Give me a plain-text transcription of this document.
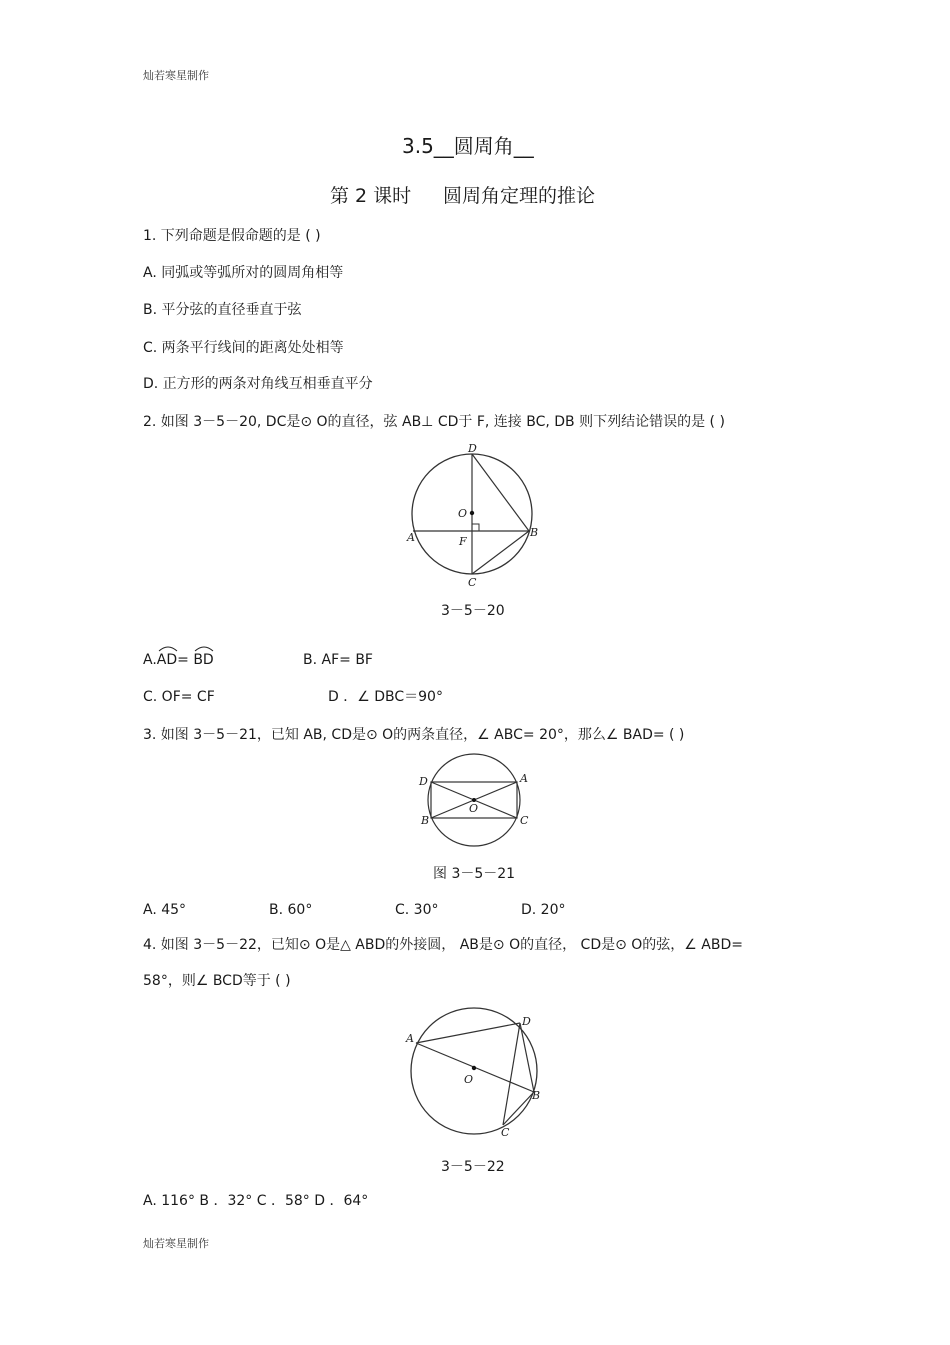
灿若寒星制作
3.5__圆周角__
第 2 课时 圆周角定理的推论
1. 下列命题是假命题的是 ( )
A. 同弧或等弧所对的圆周角相等
B. 平分弦的直径垂直于弦
C. 两条平行线间的距离处处相等
D. 正方形的两条对角线互相垂直平分
2. 如图 3－5－20, DC是⊙ O的直径，弦 AB⊥ CD于 F, 连接 BC, DB 则下列结论错误的是 ( )
D
O
A	F
B
C
3－5－20
A.
AD=
BD	B. AF= BF
C. OF= CF	D ．∠ DBC＝90°
3. 如图 3－5－21，已知 AB, CD是⊙ O的两条直径，∠ ABC= 20°，那么∠ BAD= ( )
D	A
O
B	C
图 3－5－21
A. 45°	B. 60°	C. 30°	D. 20°
4. 如图 3－5－22，已知⊙ O是△ ABD的外接圆， AB是⊙ O的直径， CD是⊙ O的弦，∠ ABD=
58°，则∠ BCD等于 ( )
A
D
O
B
C
3－5－22
A. 116° B ．32° C ．58° D ．64°
灿若寒星制作
